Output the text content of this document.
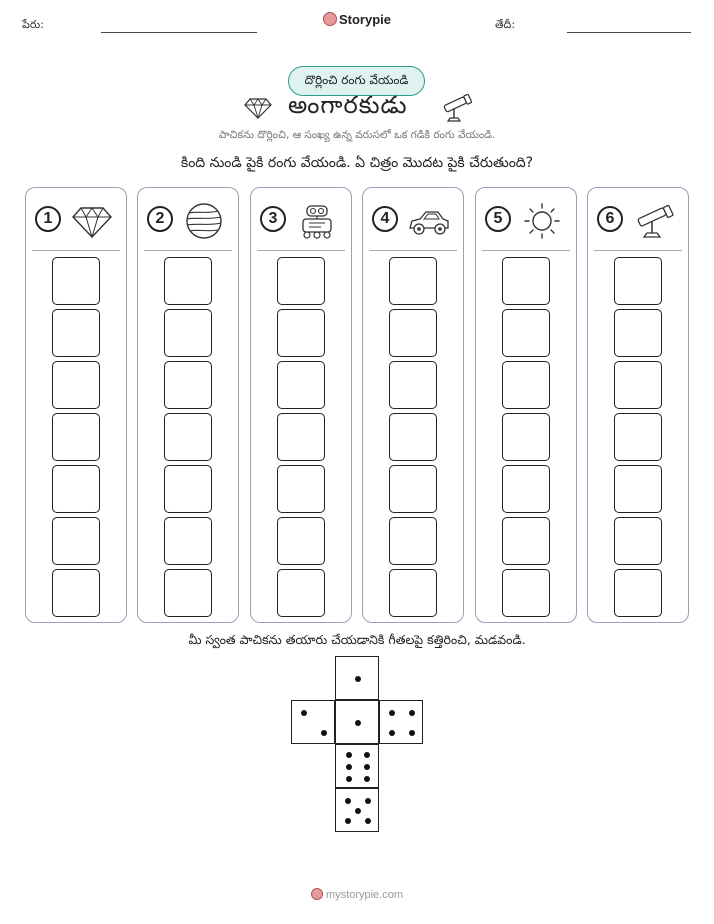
పేరు:	Storypie	తేదీ:
దొర్లించి రంగు వేయండి
అంగారకుడు
పాచికను దొర్లించి, ఆ సంఖ్య ఉన్న వరుసలో ఒక గడికి రంగు వేయండి.
కింది నుండి పైకి రంగు వేయండి. ఏ చిత్రం మొదట పైకి చేరుతుంది?
1	2	3	4	5	6
మీ స్వంత పాచికను తయారు చేయడానికి గీతలపై కత్తిరించి, మడవండి.
mystorypie.com
